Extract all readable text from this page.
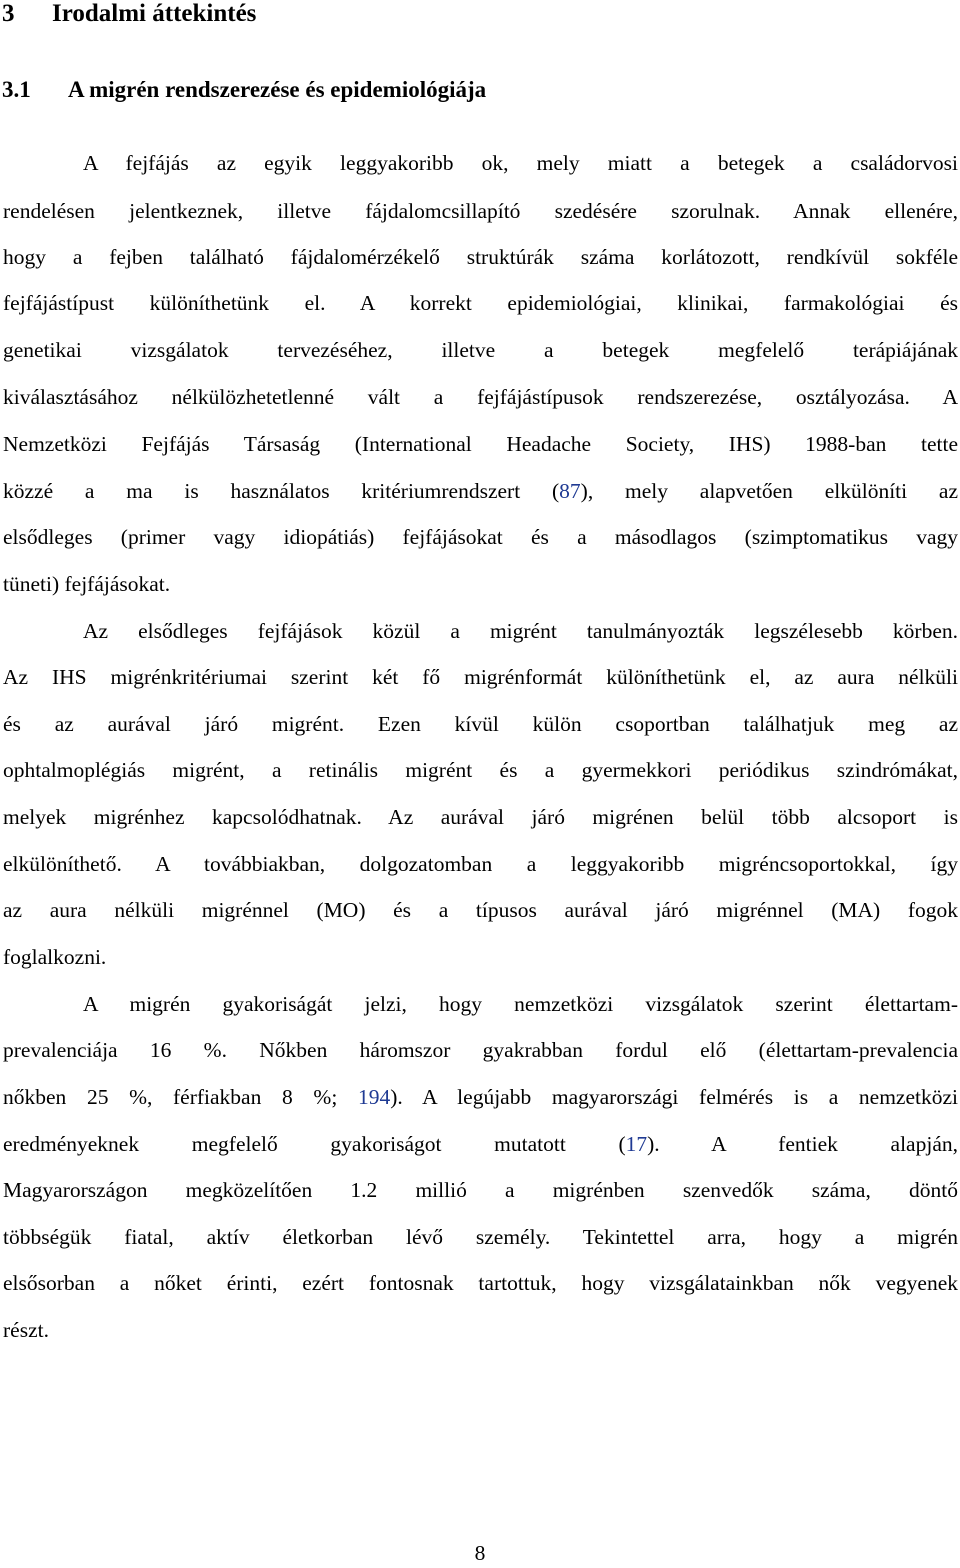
3 Irodalmi áttekintés
3.1 A migrén rendszerezése és epidemiológiája
A fejfájás az egyik leggyakoribb ok, mely miatt a betegek a családorvosi
rendelésen jelentkeznek, illetve fájdalomcsillapító szedésére szorulnak. Annak ellenére,
hogy a fejben található fájdalomérzékelő struktúrák száma korlátozott, rendkívül sokféle
fejfájástípust különíthetünk el. A korrekt epidemiológiai, klinikai, farmakológiai és
genetikai vizsgálatok tervezéséhez, illetve a betegek megfelelő terápiájának
kiválasztásához nélkülözhetetlenné vált a fejfájástípusok rendszerezése, osztályozása. A
Nemzetközi Fejfájás Társaság (International Headache Society, IHS) 1988-ban tette
közzé a ma is használatos kritériumrendszert (87), mely alapvetően elkülöníti az
elsődleges (primer vagy idiopátiás) fejfájásokat és a másodlagos (szimptomatikus vagy
tüneti) fejfájásokat.
Az elsődleges fejfájások közül a migrént tanulmányozták legszélesebb körben.
Az IHS migrénkritériumai szerint két fő migrénformát különíthetünk el, az aura nélküli
és az aurával járó migrént. Ezen kívül külön csoportban találhatjuk meg az
ophtalmoplégiás migrént, a retinális migrént és a gyermekkori periódikus szindrómákat,
melyek migrénhez kapcsolódhatnak. Az aurával járó migrénen belül több alcsoport is
elkülöníthető. A továbbiakban, dolgozatomban a leggyakoribb migréncsoportokkal, így
az aura nélküli migrénnel (MO) és a típusos aurával járó migrénnel (MA) fogok
foglalkozni.
A migrén gyakoriságát jelzi, hogy nemzetközi vizsgálatok szerint élettartam-
prevalenciája 16 %. Nőkben háromszor gyakrabban fordul elő (élettartam-prevalencia
nőkben 25 %, férfiakban 8 %; 194). A legújabb magyarországi felmérés is a nemzetközi
eredményeknek megfelelő gyakoriságot mutatott (17). A fentiek alapján,
Magyarországon megközelítően 1.2 millió a migrénben szenvedők száma, döntő
többségük fiatal, aktív életkorban lévő személy. Tekintettel arra, hogy a migrén
elsősorban a nőket érinti, ezért fontosnak tartottuk, hogy vizsgálatainkban nők vegyenek
részt.
8
